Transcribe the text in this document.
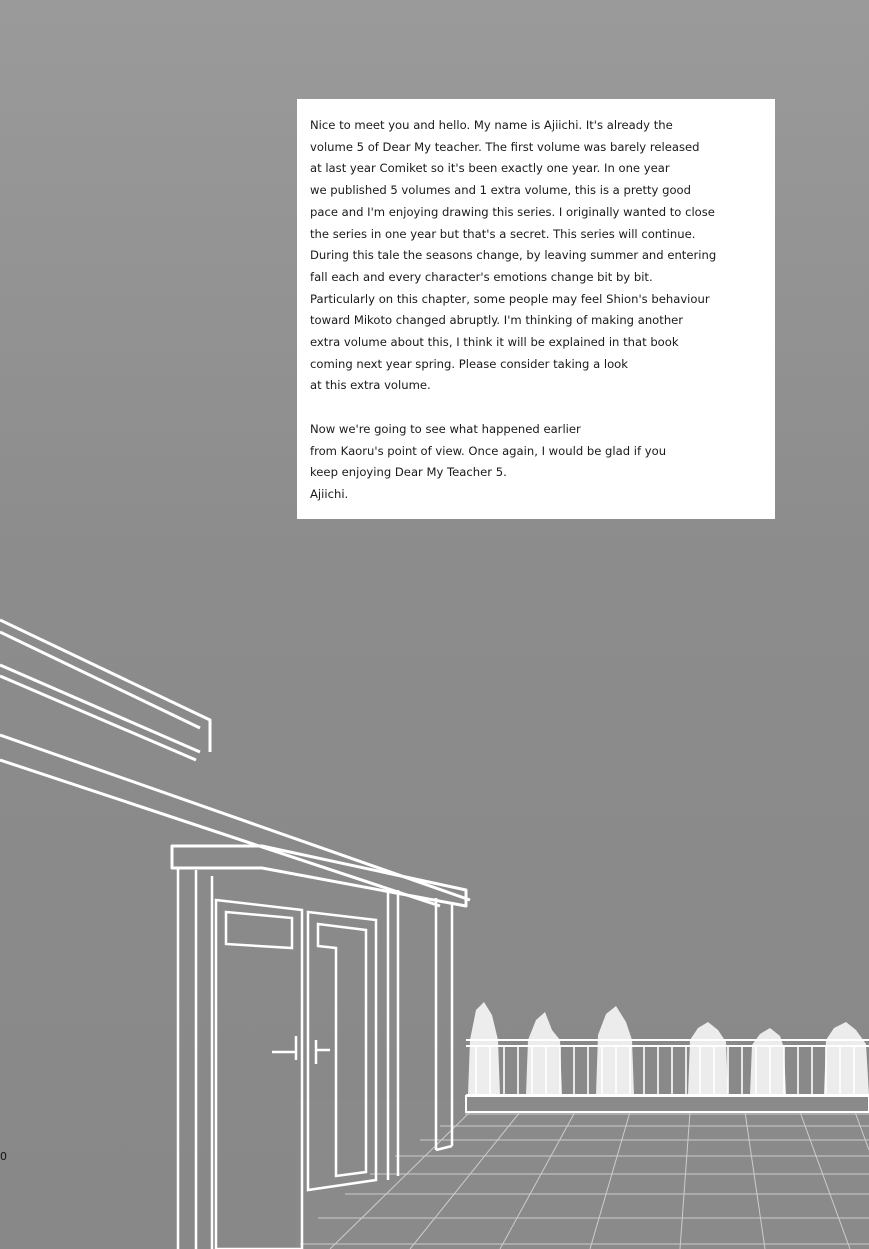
Nice to meet you and hello. My name is Ajiichi. It's already the
volume 5 of Dear My teacher. The first volume was barely released
at last year Comiket so it's been exactly one year. In one year
we published 5 volumes and 1 extra volume, this is a pretty good
pace and I'm enjoying drawing this series. I originally wanted to close
the series in one year but that's a secret. This series will continue.
During this tale the seasons change, by leaving summer and entering
fall each and every character's emotions change bit by bit.
Particularly on this chapter, some people may feel Shion's behaviour
toward Mikoto changed abruptly. I'm thinking of making another
extra volume about this, I think it will be explained in that book
coming next year spring. Please consider taking a look
at this extra volume.

Now we're going to see what happened earlier
from Kaoru's point of view. Once again, I would be glad if you
keep enjoying Dear My Teacher 5.
Ajiichi.

0
